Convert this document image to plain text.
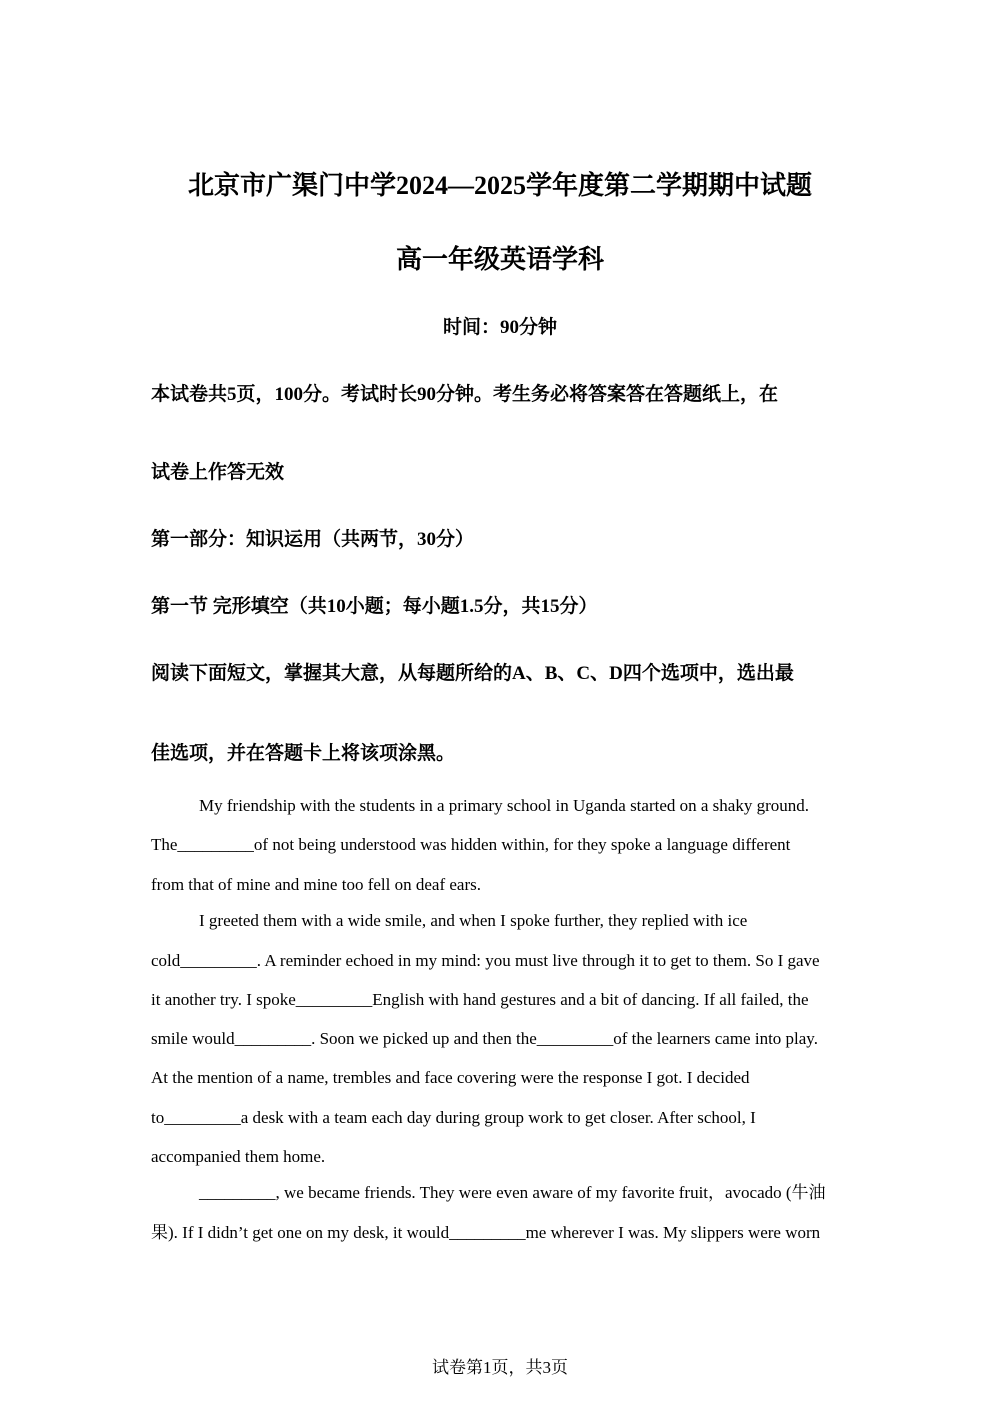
北京市广渠门中学2024—2025学年度第二学期期中试题
高一年级英语学科
时间：90分钟
本试卷共5页，100分。考试时长90分钟。考生务必将答案答在答题纸上，在
试卷上作答无效
第一部分：知识运用（共两节，30分）
第一节 完形填空（共10小题；每小题1.5分，共15分）
阅读下面短文，掌握其大意，从每题所给的A、B、C、D四个选项中，选出最
佳选项，并在答题卡上将该项涂黑。
My friendship with the students in a primary school in Uganda started on a shaky ground.
The_________of not being understood was hidden within, for they spoke a language different
from that of mine and mine too fell on deaf ears.
I greeted them with a wide smile, and when I spoke further, they replied with ice
cold_________. A reminder echoed in my mind: you must live through it to get to them. So I gave
it another try. I spoke_________English with hand gestures and a bit of dancing. If all failed, the
smile would_________. Soon we picked up and then the_________of the learners came into play.
At the mention of a name, trembles and face covering were the response I got. I decided
to_________a desk with a team each day during group work to get closer. After school, I
accompanied them home.
_________, we became friends. They were even aware of my favorite fruit，avocado (牛油
果). If I didn’t get one on my desk, it would_________me wherever I was. My slippers were worn
试卷第1页，共3页
